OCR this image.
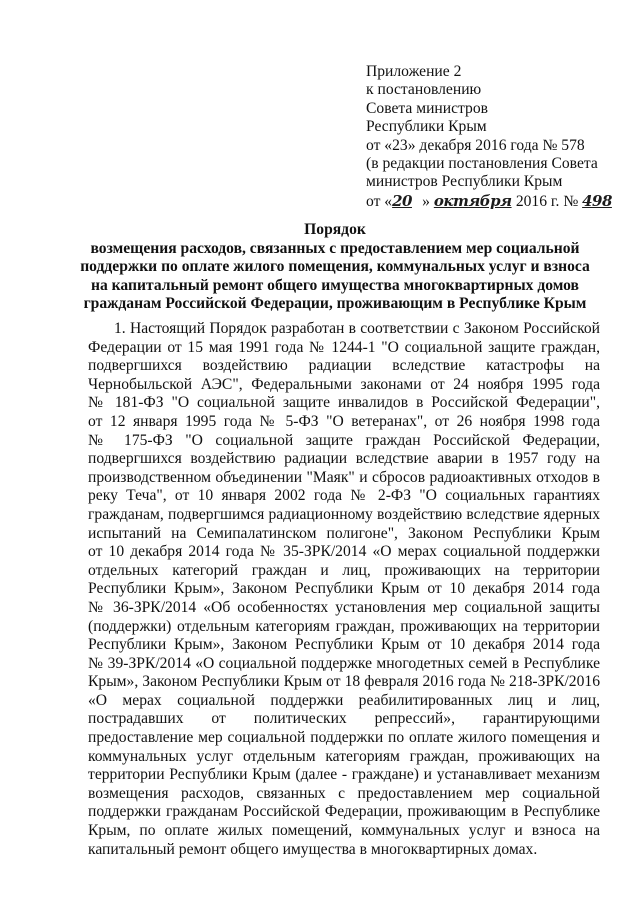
Приложение 2
к постановлению
Совета министров
Республики Крым
от «23» декабря 2016 года № 578
(в редакции постановления Совета
министров Республики Крым
от «20 » октября 2016 г. № 498
Порядок
возмещения расходов, связанных с предоставлением мер социальной
поддержки по оплате жилого помещения, коммунальных услуг и взноса
на капитальный ремонт общего имущества многоквартирных домов
гражданам Российской Федерации, проживающим в Республике Крым
1. Настоящий Порядок разработан в соответствии с Законом Российской
Федерации от 15 мая 1991 года № 1244-1 "О социальной защите граждан,
подвергшихся воздействию радиации вследствие катастрофы на
Чернобыльской АЭС", Федеральными законами от 24 ноября 1995 года
№ 181-ФЗ "О социальной защите инвалидов в Российской Федерации",
от 12 января 1995 года № 5-ФЗ "О ветеранах", от 26 ноября 1998 года
№ 175-ФЗ "О социальной защите граждан Российской Федерации,
подвергшихся воздействию радиации вследствие аварии в 1957 году на
производственном объединении "Маяк" и сбросов радиоактивных отходов в
реку Теча", от 10 января 2002 года № 2-ФЗ "О социальных гарантиях
гражданам, подвергшимся радиационному воздействию вследствие ядерных
испытаний на Семипалатинском полигоне", Законом Республики Крым
от 10 декабря 2014 года № 35-ЗРК/2014 «О мерах социальной поддержки
отдельных категорий граждан и лиц, проживающих на территории
Республики Крым», Законом Республики Крым от 10 декабря 2014 года
№ 36-ЗРК/2014 «Об особенностях установления мер социальной защиты
(поддержки) отдельным категориям граждан, проживающих на территории
Республики Крым», Законом Республики Крым от 10 декабря 2014 года
№ 39-ЗРК/2014 «О социальной поддержке многодетных семей в Республике
Крым», Законом Республики Крым от 18 февраля 2016 года № 218-ЗРК/2016
«О мерах социальной поддержки реабилитированных лиц и лиц,
пострадавших от политических репрессий», гарантирующими
предоставление мер социальной поддержки по оплате жилого помещения и
коммунальных услуг отдельным категориям граждан, проживающих на
территории Республики Крым (далее - граждане) и устанавливает механизм
возмещения расходов, связанных с предоставлением мер социальной
поддержки гражданам Российской Федерации, проживающим в Республике
Крым, по оплате жилых помещений, коммунальных услуг и взноса на
капитальный ремонт общего имущества в многоквартирных домах.
